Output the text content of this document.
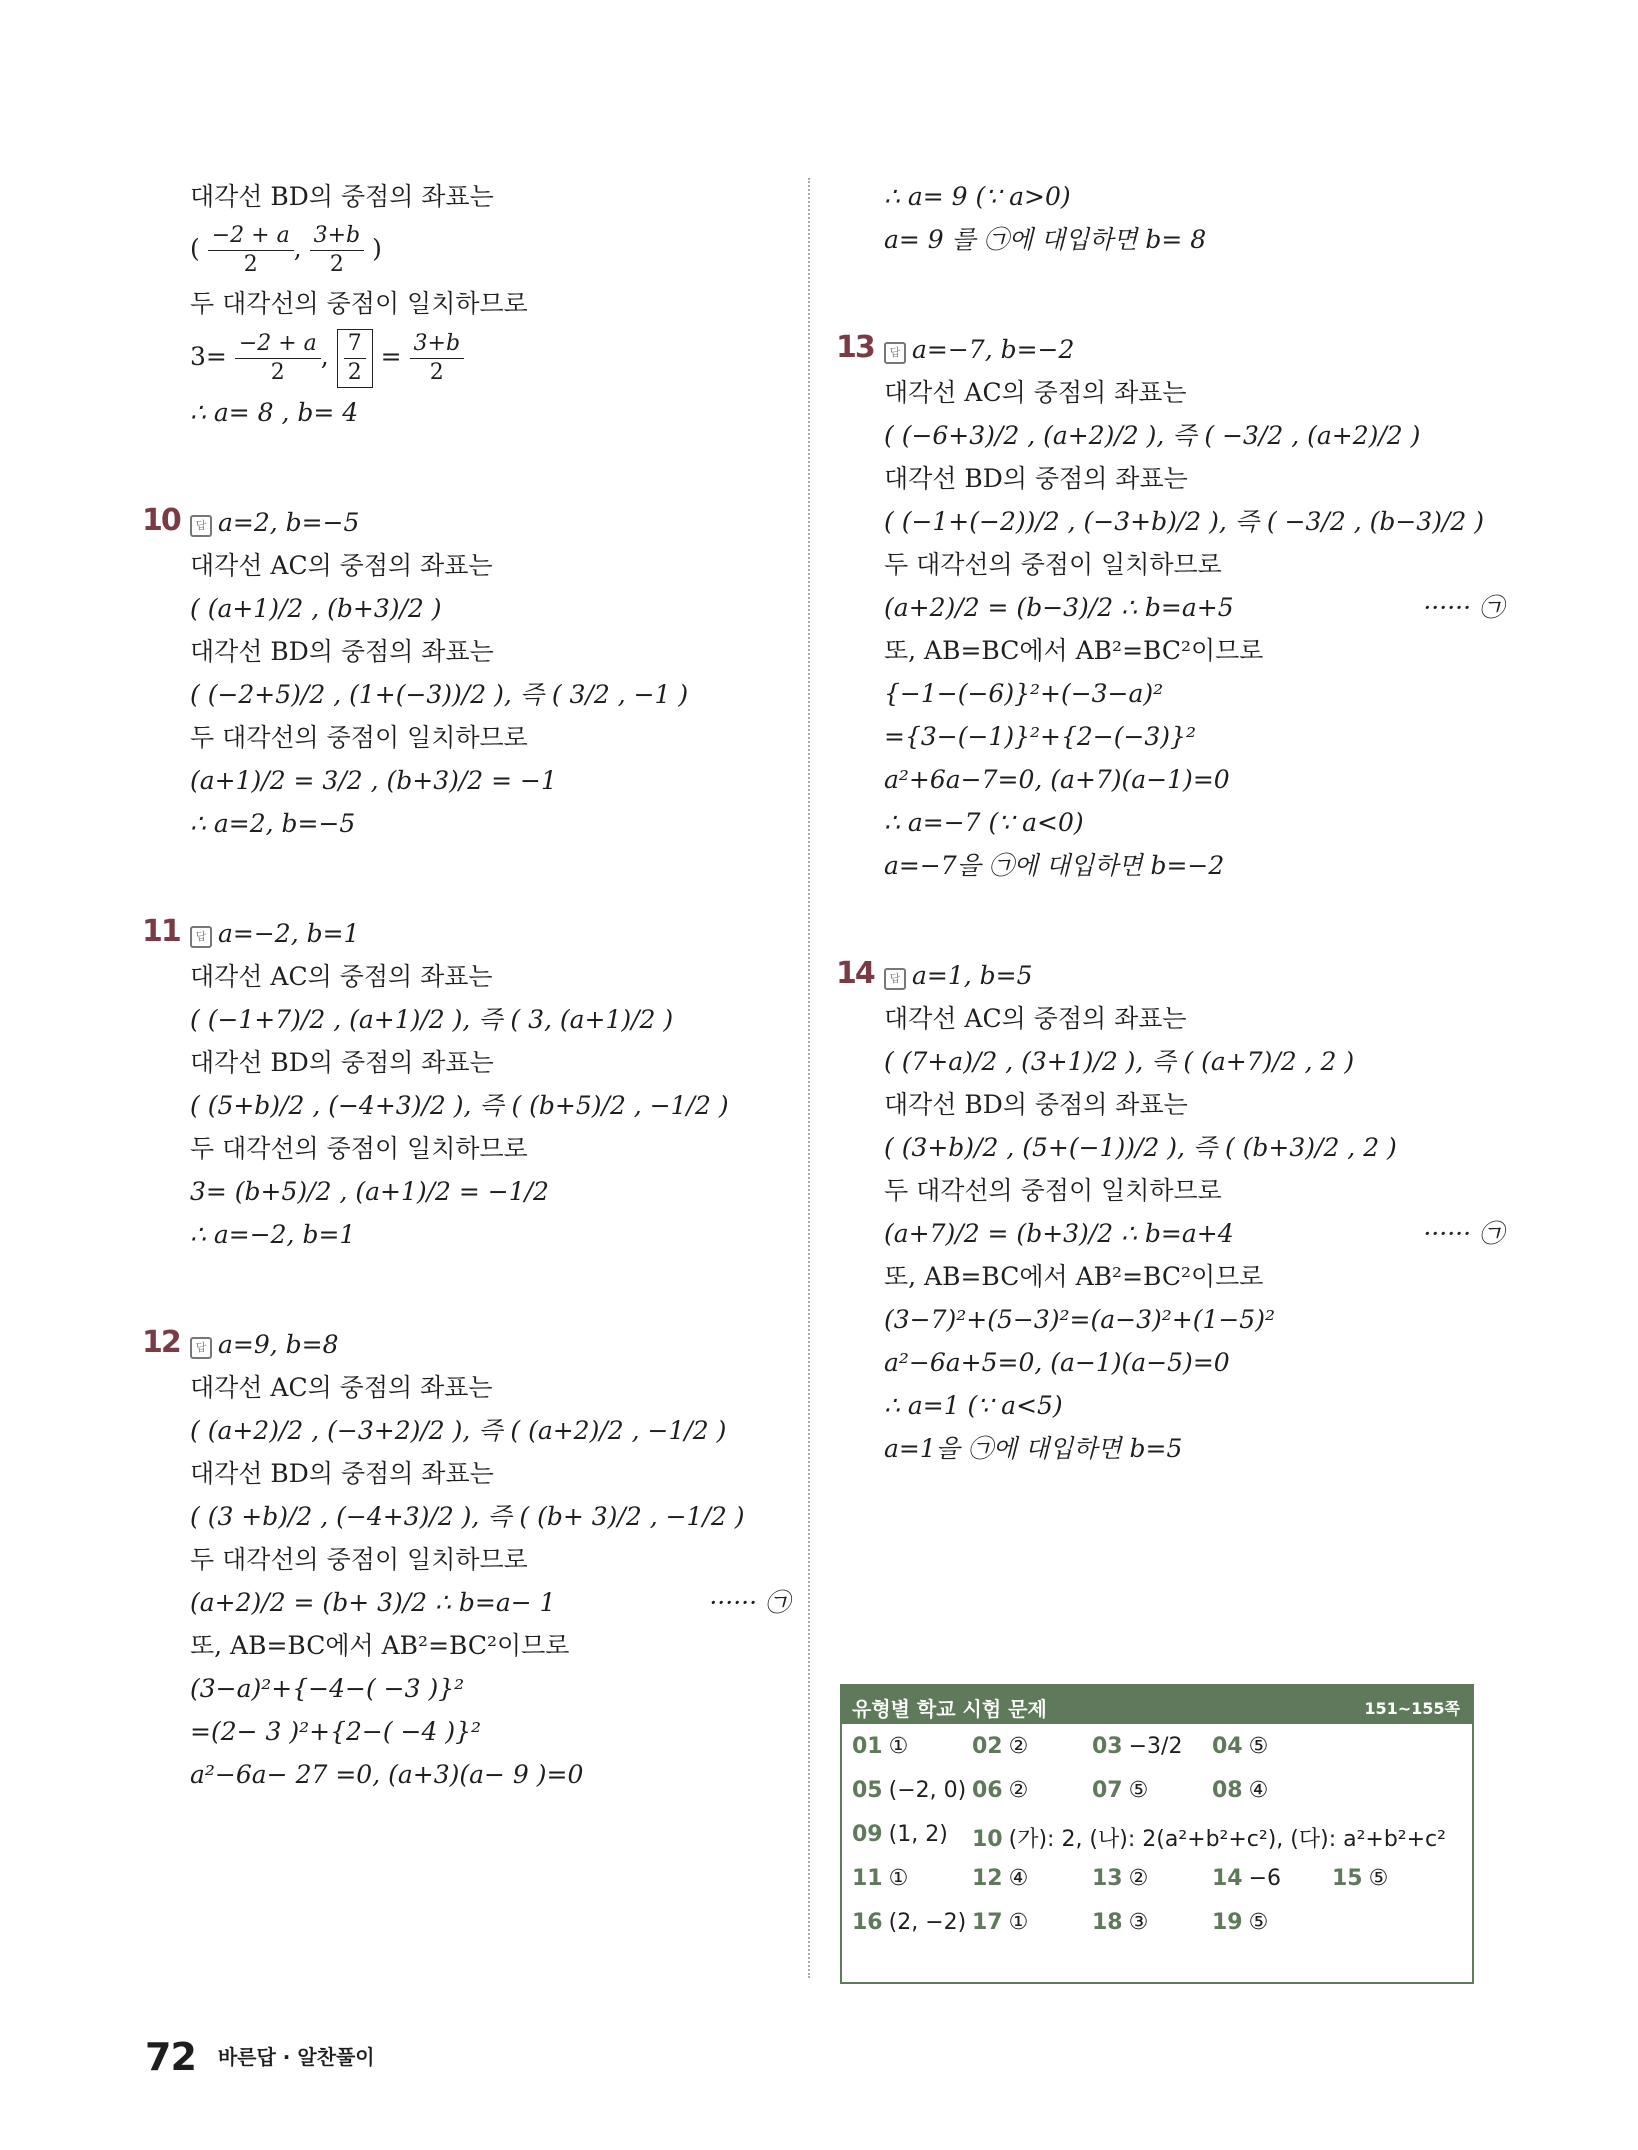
대각선 BD의 중점의 좌표는
( $\frac{-2 + a}{2}$ , $\frac{3+b}{2}$ )
두 대각선의 중점이 일치하므로
$3= \frac{-2 + a}{2}$ , $\frac{7}{2} = \frac{3+b}{2}$
∴ a= 8 , b= 4
10 답 a=2, b=−5
대각선 AC의 중점의 좌표는
( (a+1)/2 , (b+3)/2 )
대각선 BD의 중점의 좌표는
( (−2+5)/2 , (1+(−3))/2 ), 즉 ( 3/2 , −1 )
두 대각선의 중점이 일치하므로
(a+1)/2 = 3/2 , (b+3)/2 = −1
∴ a=2, b=−5
11 답 a=−2, b=1
대각선 AC의 중점의 좌표는
( (−1+7)/2 , (a+1)/2 ), 즉 ( 3, (a+1)/2 )
대각선 BD의 중점의 좌표는
( (5+b)/2 , (−4+3)/2 ), 즉 ( (b+5)/2 , −1/2 )
두 대각선의 중점이 일치하므로
3= (b+5)/2 , (a+1)/2 = −1/2
∴ a=−2, b=1
12 답 a=9, b=8
대각선 AC의 중점의 좌표는
( (a+2)/2 , (−3+2)/2 ), 즉 ( (a+2)/2 , −1/2 )
대각선 BD의 중점의 좌표는
( (3 +b)/2 , (−4+3)/2 ), 즉 ( (b+ 3)/2 , −1/2 )
두 대각선의 중점이 일치하므로
(a+2)/2 = (b+ 3)/2 ∴ b=a− 1	······ ㉠
또, AB=BC에서 AB²=BC²이므로
(3−a)²+{−4−( −3 )}²
=(2− 3 )²+{2−( −4 )}²
a²−6a− 27 =0, (a+3)(a− 9 )=0
∴ a= 9 (∵ a>0)
a= 9 를 ㉠에 대입하면 b= 8
13 답 a=−7, b=−2
대각선 AC의 중점의 좌표는
( (−6+3)/2 , (a+2)/2 ), 즉 ( −3/2 , (a+2)/2 )
대각선 BD의 중점의 좌표는
( (−1+(−2))/2 , (−3+b)/2 ), 즉 ( −3/2 , (b−3)/2 )
두 대각선의 중점이 일치하므로
(a+2)/2 = (b−3)/2 ∴ b=a+5	······ ㉠
또, AB=BC에서 AB²=BC²이므로
{−1−(−6)}²+(−3−a)²
={3−(−1)}²+{2−(−3)}²
a²+6a−7=0, (a+7)(a−1)=0
∴ a=−7 (∵ a<0)
a=−7을 ㉠에 대입하면 b=−2
14 답 a=1, b=5
대각선 AC의 중점의 좌표는
( (7+a)/2 , (3+1)/2 ), 즉 ( (a+7)/2 , 2 )
대각선 BD의 중점의 좌표는
( (3+b)/2 , (5+(−1))/2 ), 즉 ( (b+3)/2 , 2 )
두 대각선의 중점이 일치하므로
(a+7)/2 = (b+3)/2 ∴ b=a+4	······ ㉠
또, AB=BC에서 AB²=BC²이므로
(3−7)²+(5−3)²=(a−3)²+(1−5)²
a²−6a+5=0, (a−1)(a−5)=0
∴ a=1 (∵ a<5)
a=1을 ㉠에 대입하면 b=5
유형별 학교 시험 문제	151~155쪽
01 ①	02 ②	03 −3/2 04 ⑤
05 (−2, 0) 06 ②	07 ⑤	08 ④
09 (1, 2) 10 (가): 2, (나): 2(a²+b²+c²), (다): a²+b²+c²
11 ①	12 ④	13 ②	14 −6 15 ⑤
16 (2, −2) 17 ①	18 ③	19 ⑤
72 $^{바른답 \cdot 알찬풀이}$
